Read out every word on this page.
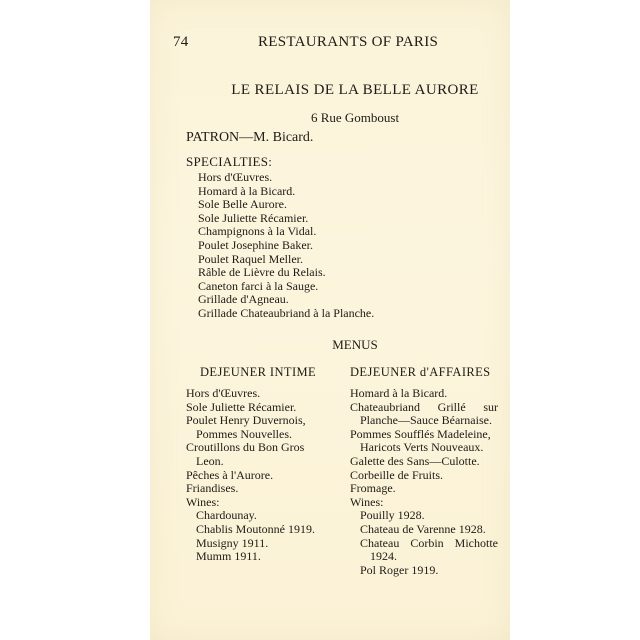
74	RESTAURANTS OF PARIS
LE RELAIS DE LA BELLE AURORE
6 Rue Gomboust
PATRON—M. Bicard.
SPECIALTIES:
Hors d'Œuvres.
Homard à la Bicard.
Sole Belle Aurore.
Sole Juliette Récamier.
Champignons à la Vidal.
Poulet Josephine Baker.
Poulet Raquel Meller.
Râble de Lièvre du Relais.
Caneton farci à la Sauge.
Grillade d'Agneau.
Grillade Chateaubriand à la Planche.
MENUS
DEJEUNER INTIME	DEJEUNER d'AFFAIRES
Hors d'Œuvres.
Sole Juliette Récamier.
Poulet Henry Duvernois,
Pommes Nouvelles.
Croutillons du Bon Gros
Leon.
Pêches à l'Aurore.
Friandises.
Wines:
Chardounay.
Chablis Moutonné 1919.
Musigny 1911.
Mumm 1911.
Homard à la Bicard.
Chateaubriand Grillé sur
Planche—Sauce Béarnaise.
Pommes Soufflés Madeleine,
Haricots Verts Nouveaux.
Galette des Sans—Culotte.
Corbeille de Fruits.
Fromage.
Wines:
Pouilly 1928.
Chateau de Varenne 1928.
Chateau Corbin Michotte
1924.
Pol Roger 1919.
